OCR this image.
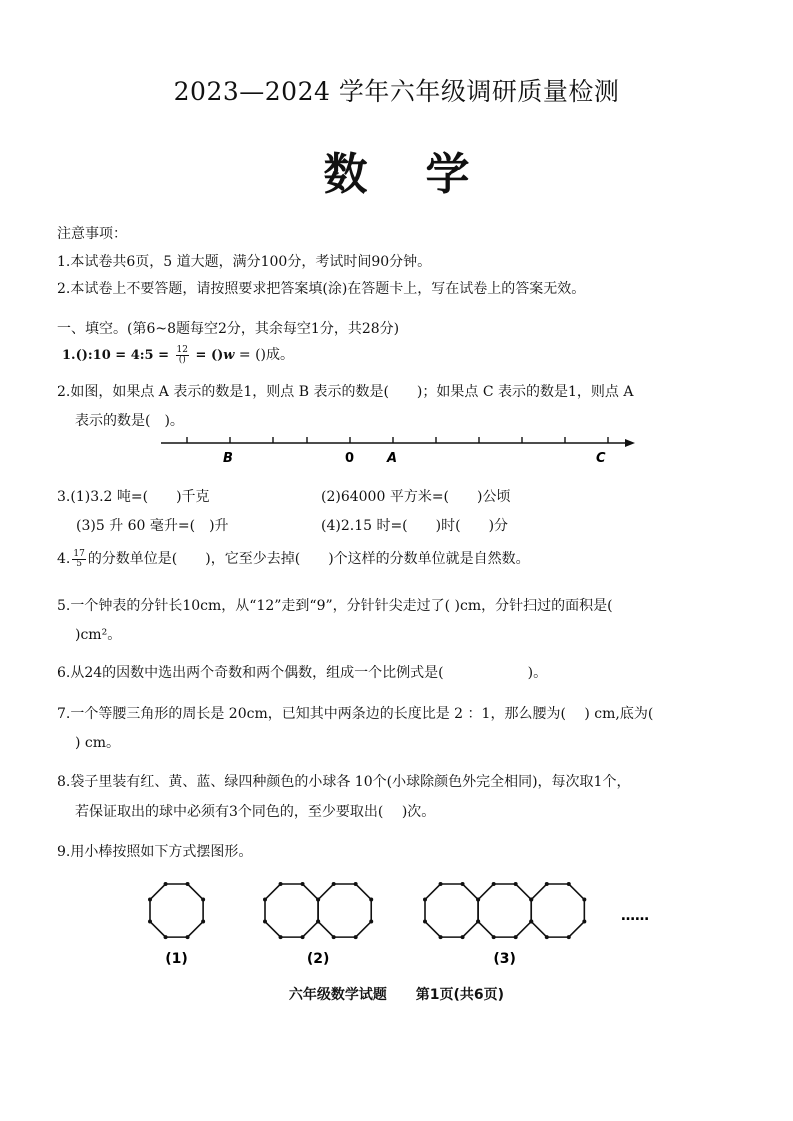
2023—2024 学年六年级调研质量检测
数学
注意事项：
1.本试卷共6页，5 道大题，满分100分，考试时间90分钟。
2.本试卷上不要答题，请按照要求把答案填(涂)在答题卡上，写在试卷上的答案无效。
一、填空。(第6~8题每空2分，其余每空1分，共28分)
1.():10 = 4:5 = $\frac{12}{()} = ()w$ = ()成。
2.如图，如果点 A 表示的数是1，则点 B 表示的数是(　　)；如果点 C 表示的数是1，则点 A
表示的数是(　)。
B	0	A	C
3.(1)3.2 吨=(　　)千克	(2)64000 平方米=(　　)公顷
(3)5 升 60 毫升=(　)升	(4)2.15 时=(　　)时(　　)分
4. $\frac{17}{5}$ 的分数单位是(　　)，它至少去掉(　　)个这样的分数单位就是自然数。
5.一个钟表的分针长10cm，从“12”走到“9”，分针针尖走过了( )cm，分针扫过的面积是(
)cm²。
6.从24的因数中选出两个奇数和两个偶数，组成一个比例式是(　　　　　　)。
7.一个等腰三角形的周长是 20cm，已知其中两条边的长度比是 2 ：1，那么腰为(　 ) cm,底为(
) cm。
8.袋子里装有红、黄、蓝、绿四种颜色的小球各 10个(小球除颜色外完全相同)，每次取1个，
若保证取出的球中必须有3个同色的，至少要取出(　 )次。
9.用小棒按照如下方式摆图形。
(1)	(2)	(3)
……
六年级数学试题 第1页(共6页)
